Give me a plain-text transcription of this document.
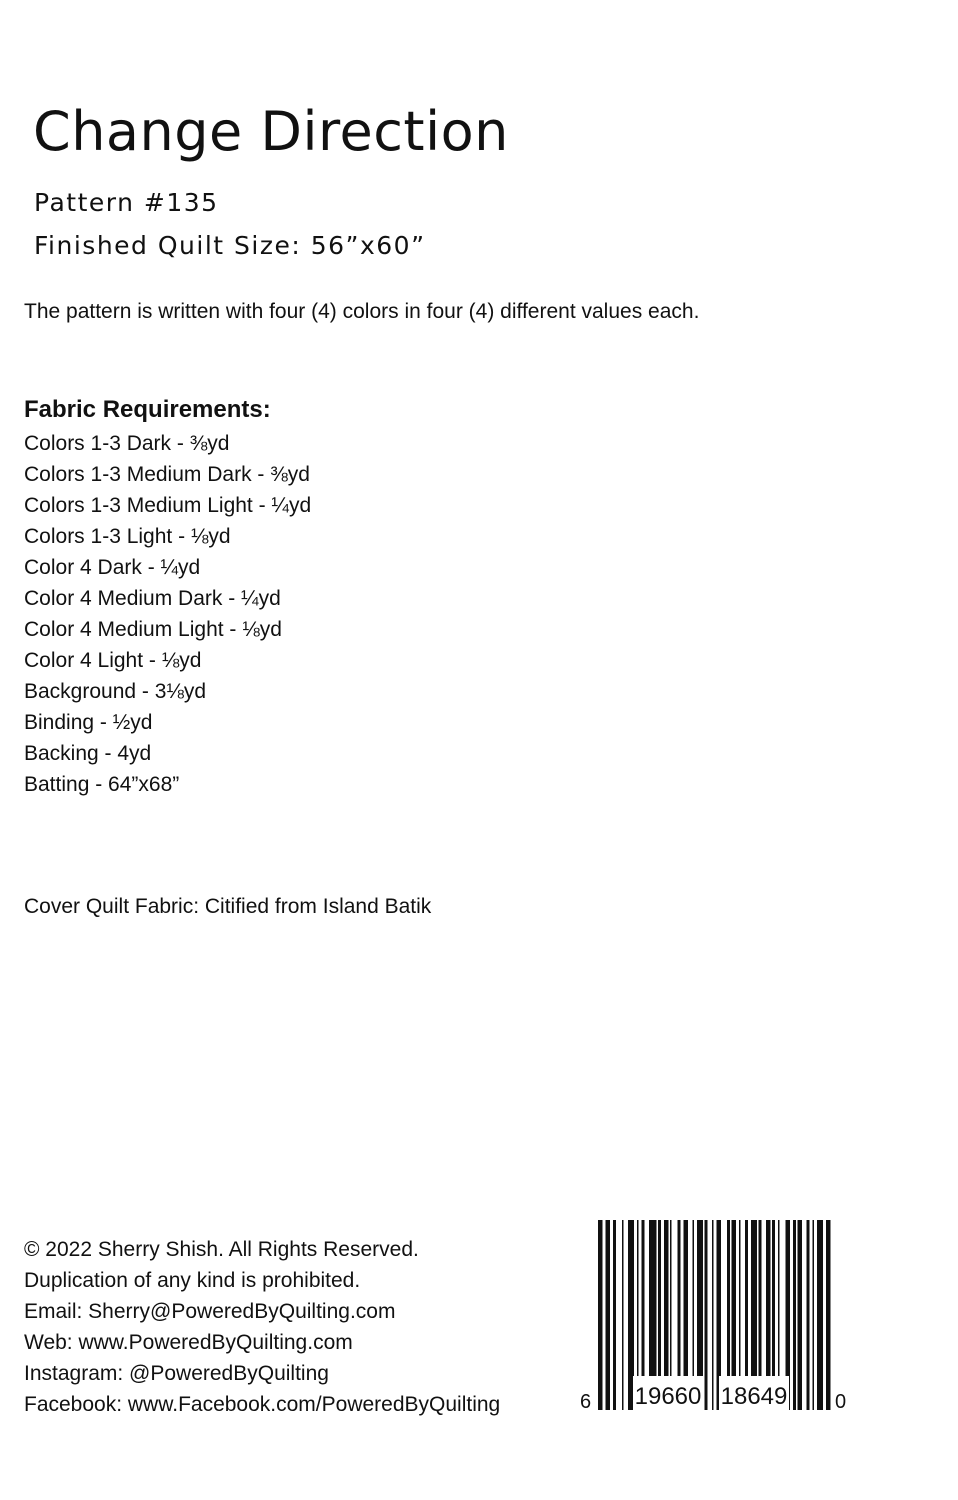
Change Direction

Pattern #135

Finished Quilt Size: 56”x60”

The pattern is written with four (4) colors in four (4) different values each.

Fabric Requirements:
Colors 1-3 Dark - ⅜yd
Colors 1-3 Medium Dark - ⅜yd
Colors 1-3 Medium Light - ¼yd
Colors 1-3 Light - ⅛yd
Color 4 Dark - ¼yd
Color 4 Medium Dark - ¼yd
Color 4 Medium Light - ⅛yd
Color 4 Light - ⅛yd
Background - 3⅛yd
Binding - ½yd
Backing - 4yd
Batting - 64”x68”

Cover Quilt Fabric: Citified from Island Batik

© 2022 Sherry Shish. All Rights Reserved.
Duplication of any kind is prohibited.
Email: Sherry@PoweredByQuilting.com
Web: www.PoweredByQuilting.com
Instagram: @PoweredByQuilting
Facebook: www.Facebook.com/PoweredByQuilting	6 19660 18649 0
